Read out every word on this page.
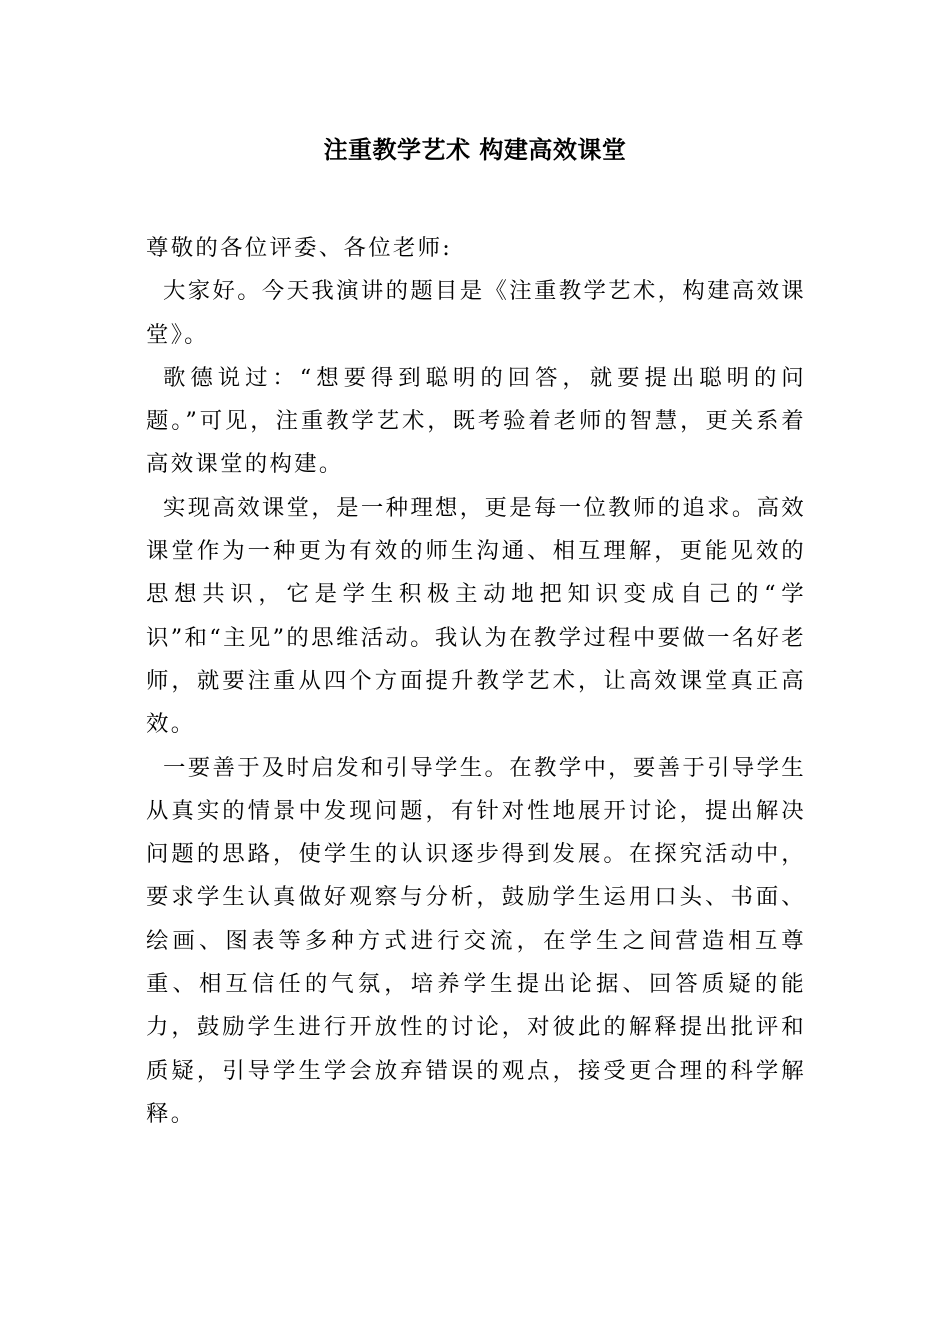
注重教学艺术 构建高效课堂

尊敬的各位评委、各位老师:

大家好。今天我演讲的题目是《注重教学艺术，构建高效课堂》。

歌德说过：“想要得到聪明的回答，就要提出聪明的问题。”可见，注重教学艺术，既考验着老师的智慧，更关系着高效课堂的构建。

实现高效课堂，是一种理想，更是每一位教师的追求。高效课堂作为一种更为有效的师生沟通、相互理解，更能见效的思想共识，它是学生积极主动地把知识变成自己的“学识”和“主见”的思维活动。我认为在教学过程中要做一名好老师，就要注重从四个方面提升教学艺术，让高效课堂真正高效。

一要善于及时启发和引导学生。在教学中，要善于引导学生从真实的情景中发现问题，有针对性地展开讨论，提出解决问题的思路，使学生的认识逐步得到发展。在探究活动中，要求学生认真做好观察与分析，鼓励学生运用口头、书面、绘画、图表等多种方式进行交流，在学生之间营造相互尊重、相互信任的气氛，培养学生提出论据、回答质疑的能力，鼓励学生进行开放性的讨论，对彼此的解释提出批评和质疑，引导学生学会放弃错误的观点，接受更合理的科学解释。
